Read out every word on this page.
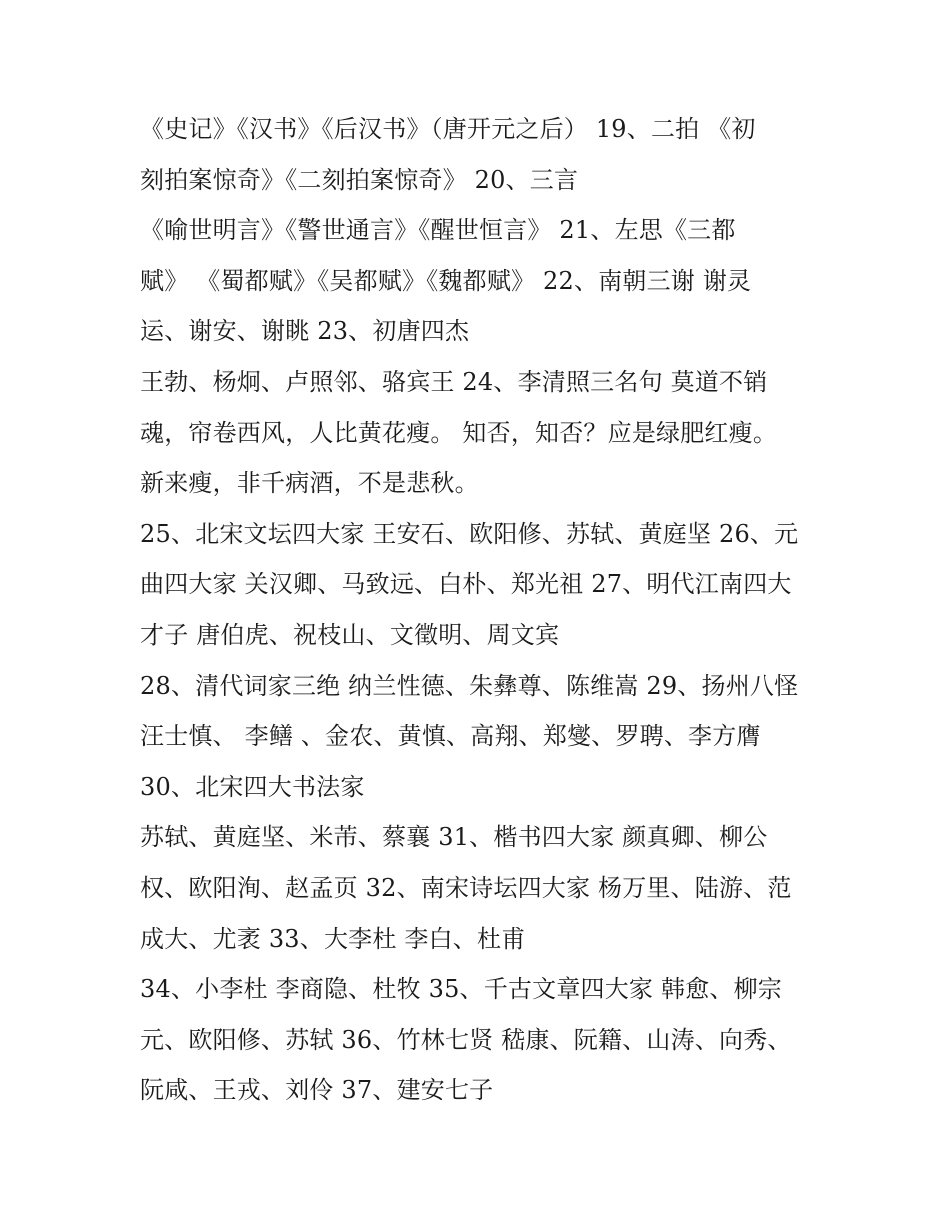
《史记》《汉书》《后汉书》（唐开元之后） 19、二拍 《初
刻拍案惊奇》《二刻拍案惊奇》 20、三言
《喻世明言》《警世通言》《醒世恒言》 21、左思《三都
赋》 《蜀都赋》《吴都赋》《魏都赋》 22、南朝三谢 谢灵
运、谢安、谢眺 23、初唐四杰
王勃、杨炯、卢照邻、骆宾王 24、李清照三名句 莫道不销
魂，帘卷西风，人比黄花瘦。 知否，知否？应是绿肥红瘦。
新来瘦，非千病酒，不是悲秋。
25、北宋文坛四大家 王安石、欧阳修、苏轼、黄庭坚 26、元
曲四大家 关汉卿、马致远、白朴、郑光祖 27、明代江南四大
才子 唐伯虎、祝枝山、文徵明、周文宾
28、清代词家三绝 纳兰性德、朱彝尊、陈维嵩 29、扬州八怪
汪士慎、 李鳝 、金农、黄慎、高翔、郑燮、罗聘、李方膺
30、北宋四大书法家
苏轼、黄庭坚、米芾、蔡襄 31、楷书四大家 颜真卿、柳公
权、欧阳洵、赵孟页 32、南宋诗坛四大家 杨万里、陆游、范
成大、尤袤 33、大李杜 李白、杜甫
34、小李杜 李商隐、杜牧 35、千古文章四大家 韩愈、柳宗
元、欧阳修、苏轼 36、竹林七贤 嵇康、阮籍、山涛、向秀、
阮咸、王戎、刘伶 37、建安七子
